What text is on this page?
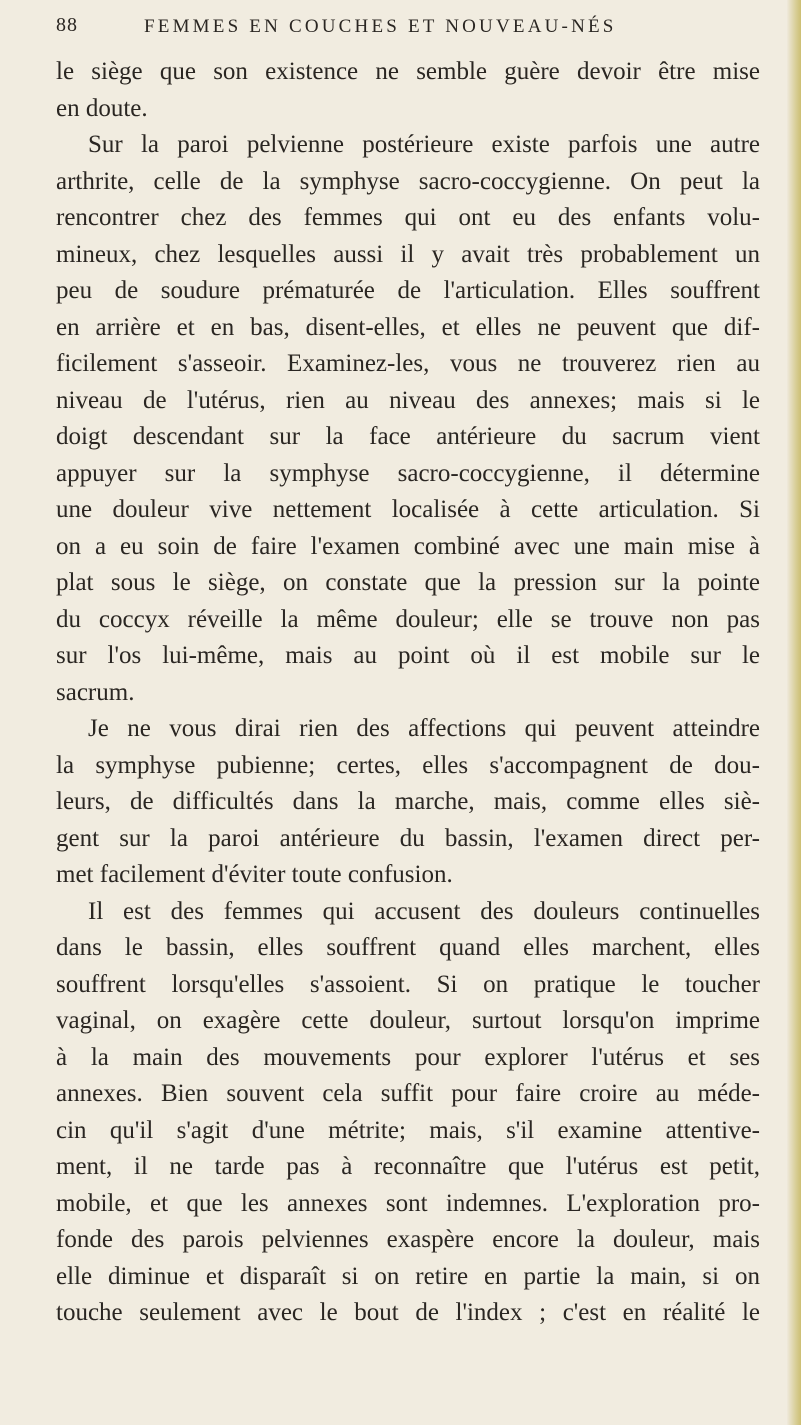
88	FEMMES EN COUCHES ET NOUVEAU-NÉS
le siège que son existence ne semble guère devoir être mise
en doute.
Sur la paroi pelvienne postérieure existe parfois une autre
arthrite, celle de la symphyse sacro-coccygienne. On peut la
rencontrer chez des femmes qui ont eu des enfants volu-
mineux, chez lesquelles aussi il y avait très probablement un
peu de soudure prématurée de l'articulation. Elles souffrent
en arrière et en bas, disent-elles, et elles ne peuvent que dif-
ficilement s'asseoir. Examinez-les, vous ne trouverez rien au
niveau de l'utérus, rien au niveau des annexes; mais si le
doigt descendant sur la face antérieure du sacrum vient
appuyer sur la symphyse sacro-coccygienne, il détermine
une douleur vive nettement localisée à cette articulation. Si
on a eu soin de faire l'examen combiné avec une main mise à
plat sous le siège, on constate que la pression sur la pointe
du coccyx réveille la même douleur; elle se trouve non pas
sur l'os lui-même, mais au point où il est mobile sur le
sacrum.
Je ne vous dirai rien des affections qui peuvent atteindre
la symphyse pubienne; certes, elles s'accompagnent de dou-
leurs, de difficultés dans la marche, mais, comme elles siè-
gent sur la paroi antérieure du bassin, l'examen direct per-
met facilement d'éviter toute confusion.
Il est des femmes qui accusent des douleurs continuelles
dans le bassin, elles souffrent quand elles marchent, elles
souffrent lorsqu'elles s'assoient. Si on pratique le toucher
vaginal, on exagère cette douleur, surtout lorsqu'on imprime
à la main des mouvements pour explorer l'utérus et ses
annexes. Bien souvent cela suffit pour faire croire au méde-
cin qu'il s'agit d'une métrite; mais, s'il examine attentive-
ment, il ne tarde pas à reconnaître que l'utérus est petit,
mobile, et que les annexes sont indemnes. L'exploration pro-
fonde des parois pelviennes exaspère encore la douleur, mais
elle diminue et disparaît si on retire en partie la main, si on
touche seulement avec le bout de l'index ; c'est en réalité le
